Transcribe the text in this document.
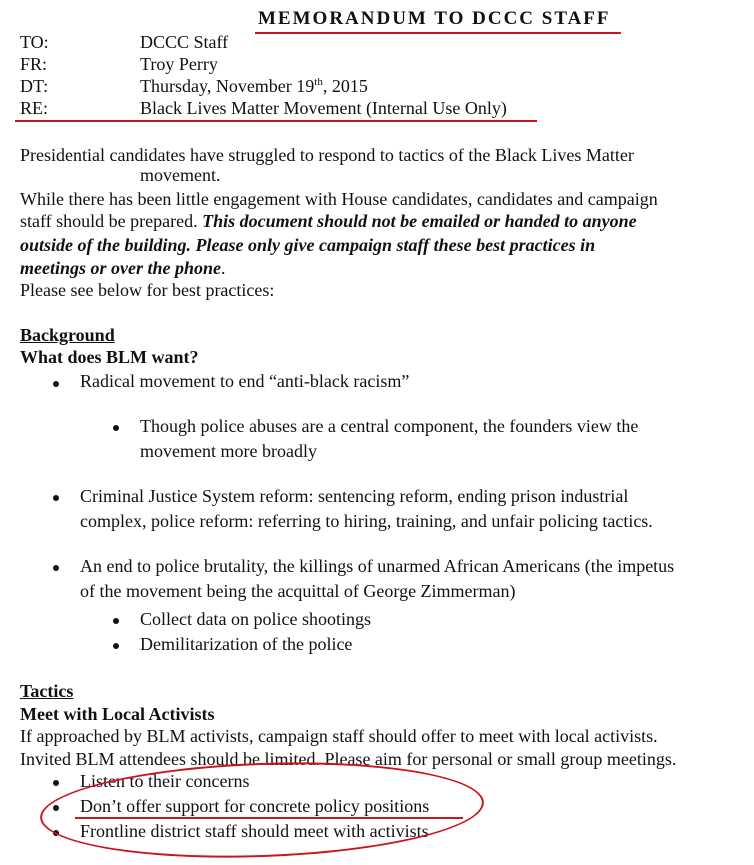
MEMORANDUM TO DCCC STAFF
TO:	DCCC Staff
FR:	Troy Perry
DT:	Thursday, November 19th, 2015
RE:	Black Lives Matter Movement (Internal Use Only)
Presidential candidates have struggled to respond to tactics of the Black Lives Matter
movement.
While there has been little engagement with House candidates, candidates and campaign
staff should be prepared. This document should not be emailed or handed to anyone
outside of the building. Please only give campaign staff these best practices in
meetings or over the phone.
Please see below for best practices:
Background
What does BLM want?
Radical movement to end “anti-black racism”
Though police abuses are a central component, the founders view the
movement more broadly
Criminal Justice System reform: sentencing reform, ending prison industrial
complex, police reform: referring to hiring, training, and unfair policing tactics.
An end to police brutality, the killings of unarmed African Americans (the impetus
of the movement being the acquittal of George Zimmerman)
Collect data on police shootings
Demilitarization of the police
Tactics
Meet with Local Activists
If approached by BLM activists, campaign staff should offer to meet with local activists.
Invited BLM attendees should be limited. Please aim for personal or small group meetings.
Listen to their concerns
Don’t offer support for concrete policy positions
Frontline district staff should meet with activists
